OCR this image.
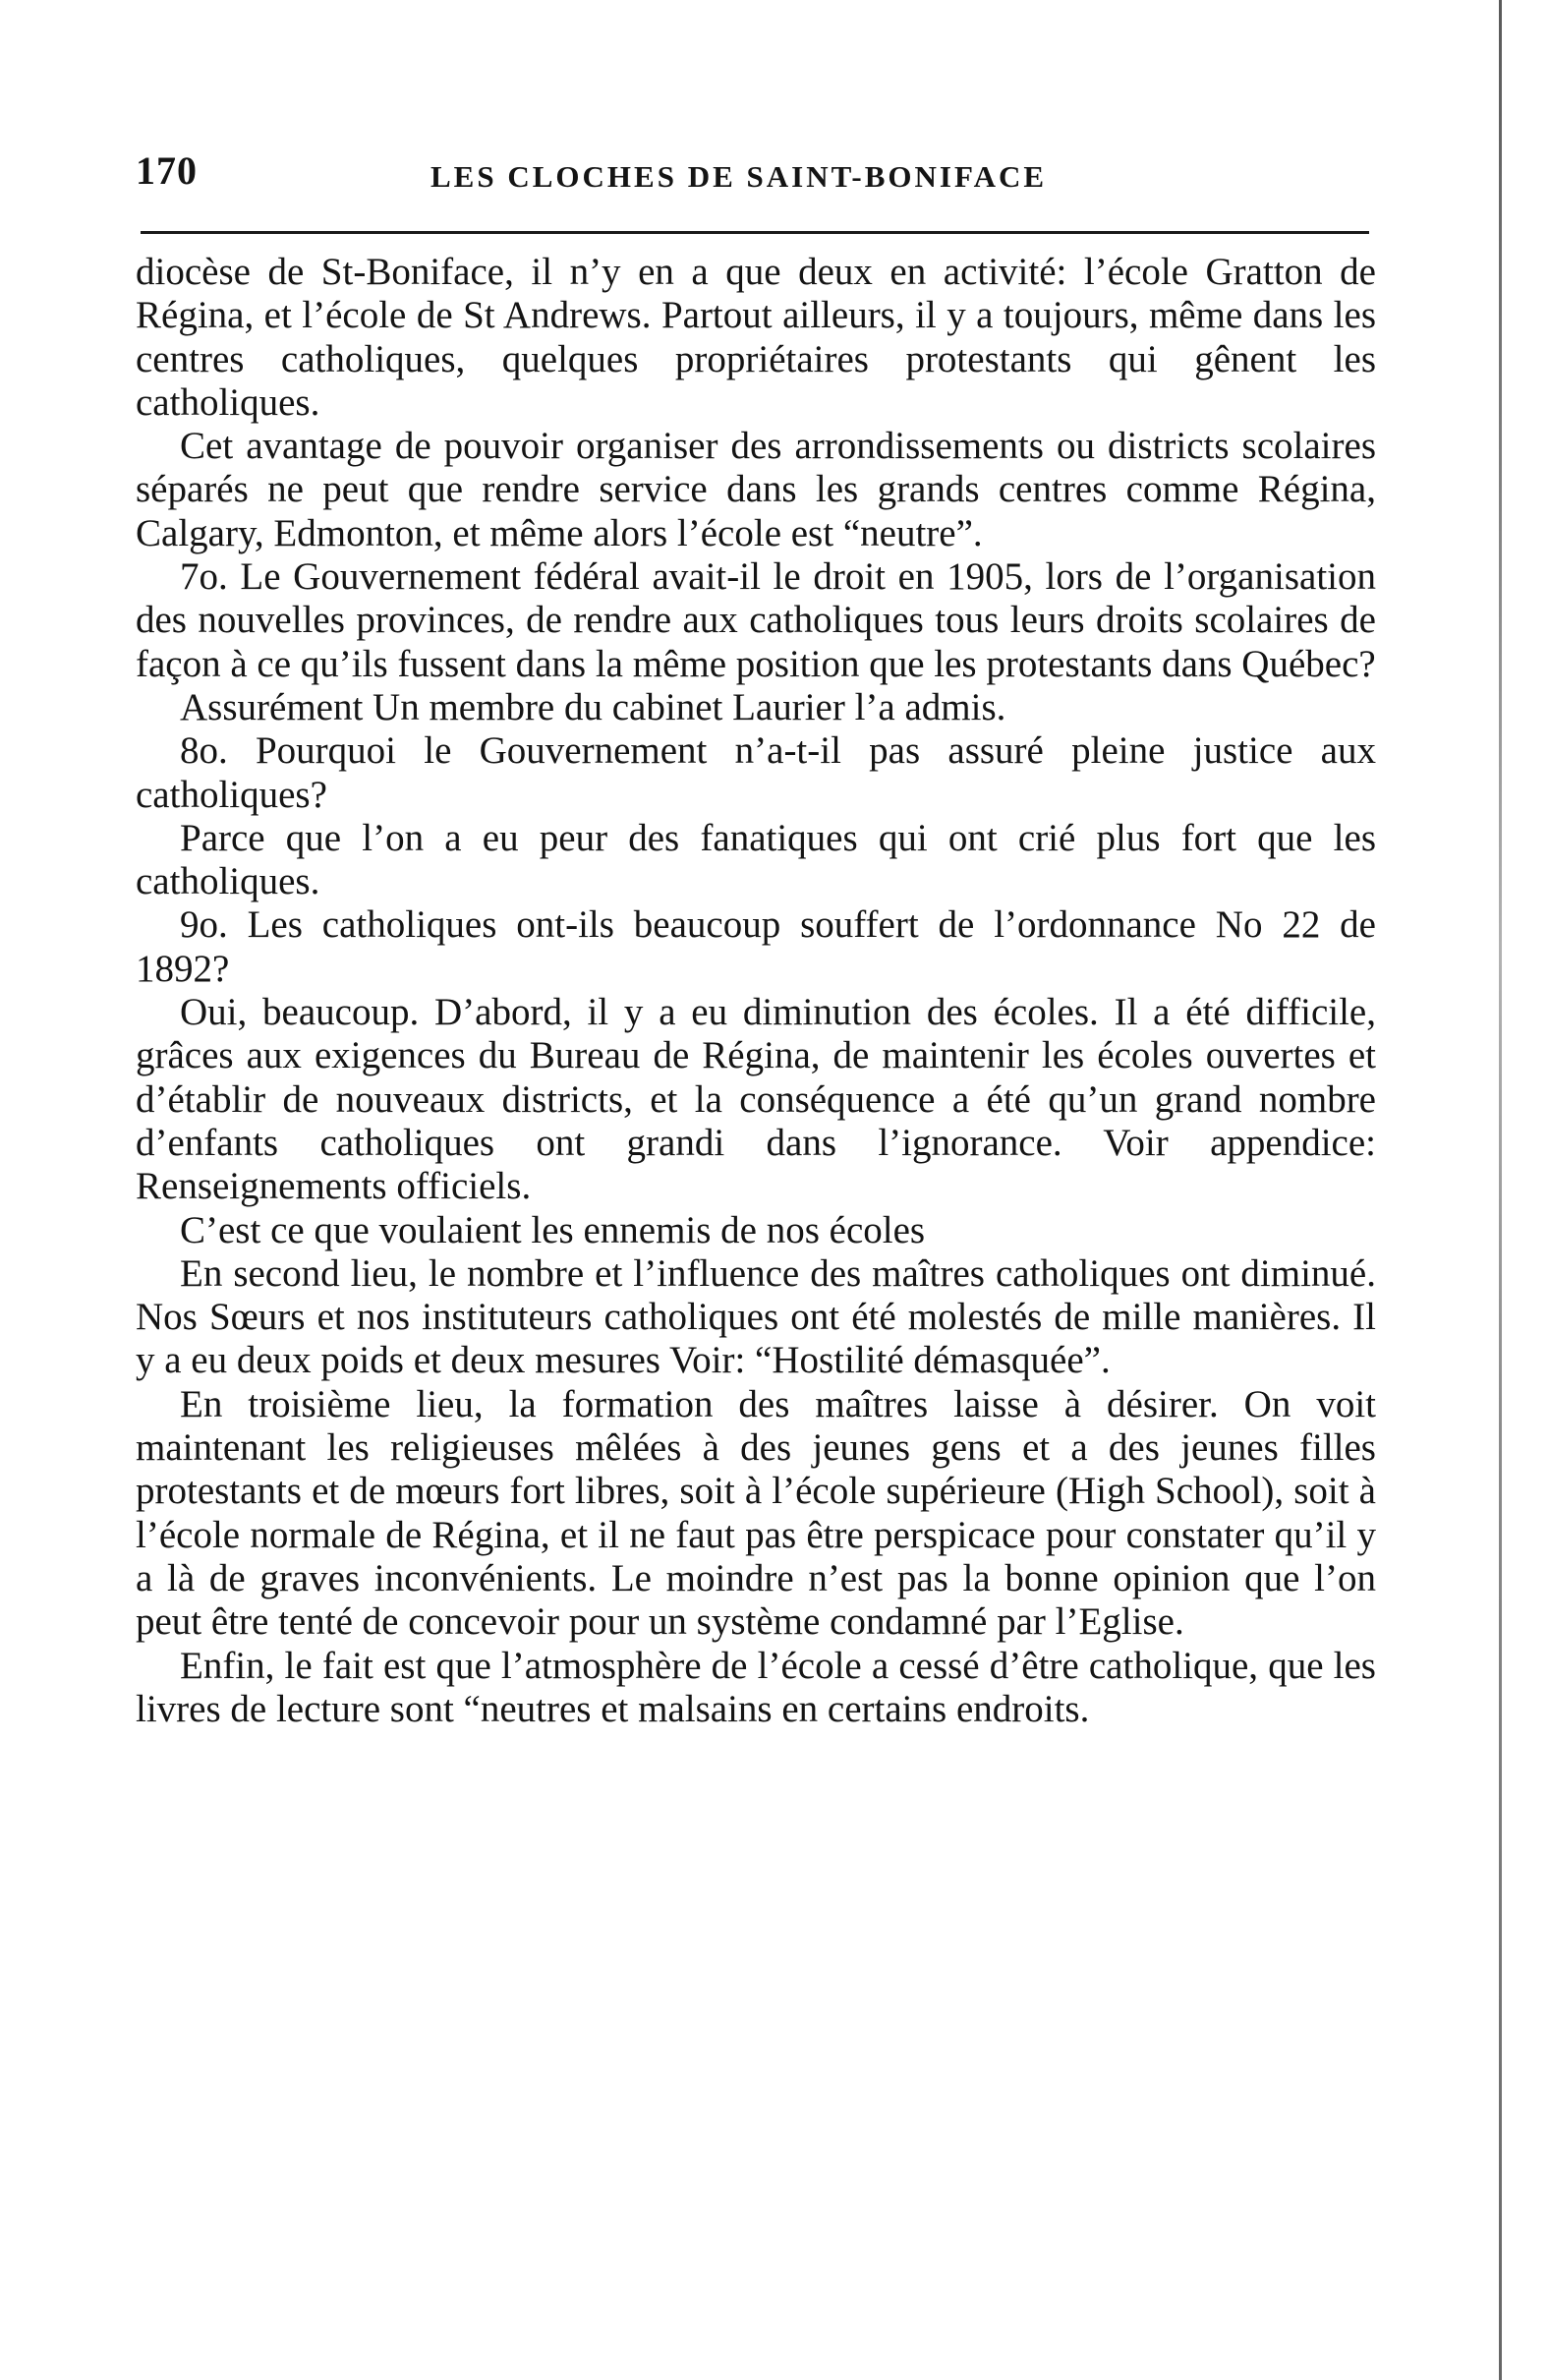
170	LES CLOCHES DE SAINT-BONIFACE

diocèse de St-Boniface, il n’y en a que deux en activité: l’école Gratton de Régina, et l’école de St Andrews. Partout ailleurs, il y a toujours, même dans les centres catholiques, quelques propriétaires protestants qui gênent les catholiques.

Cet avantage de pouvoir organiser des arrondissements ou districts scolaires séparés ne peut que rendre service dans les grands centres comme Régina, Calgary, Edmonton, et même alors l’école est “neutre”.

7o. Le Gouvernement fédéral avait-il le droit en 1905, lors de l’organisation des nouvelles provinces, de rendre aux catholiques tous leurs droits scolaires de façon à ce qu’ils fussent dans la même position que les protestants dans Québec?

Assurément Un membre du cabinet Laurier l’a admis.

8o. Pourquoi le Gouvernement n’a-t-il pas assuré pleine justice aux catholiques?

Parce que l’on a eu peur des fanatiques qui ont crié plus fort que les catholiques.

9o. Les catholiques ont-ils beaucoup souffert de l’ordonnance No 22 de 1892?

Oui, beaucoup. D’abord, il y a eu diminution des écoles. Il a été difficile, grâces aux exigences du Bureau de Régina, de maintenir les écoles ouvertes et d’établir de nouveaux districts, et la conséquence a été qu’un grand nombre d’enfants catholiques ont grandi dans l’ignorance. Voir appendice: Renseignements officiels.

C’est ce que voulaient les ennemis de nos écoles

En second lieu, le nombre et l’influence des maîtres catholiques ont diminué. Nos Sœurs et nos instituteurs catholiques ont été molestés de mille manières. Il y a eu deux poids et deux mesures Voir: “Hostilité démasquée”.

En troisième lieu, la formation des maîtres laisse à désirer. On voit maintenant les religieuses mêlées à des jeunes gens et a des jeunes filles protestants et de mœurs fort libres, soit à l’école supérieure (High School), soit à l’école normale de Régina, et il ne faut pas être perspicace pour constater qu’il y a là de graves inconvénients. Le moindre n’est pas la bonne opinion que l’on peut être tenté de concevoir pour un système condamné par l’Eglise.

Enfin, le fait est que l’atmosphère de l’école a cessé d’être catholique, que les livres de lecture sont “neutres et malsains en certains endroits.
